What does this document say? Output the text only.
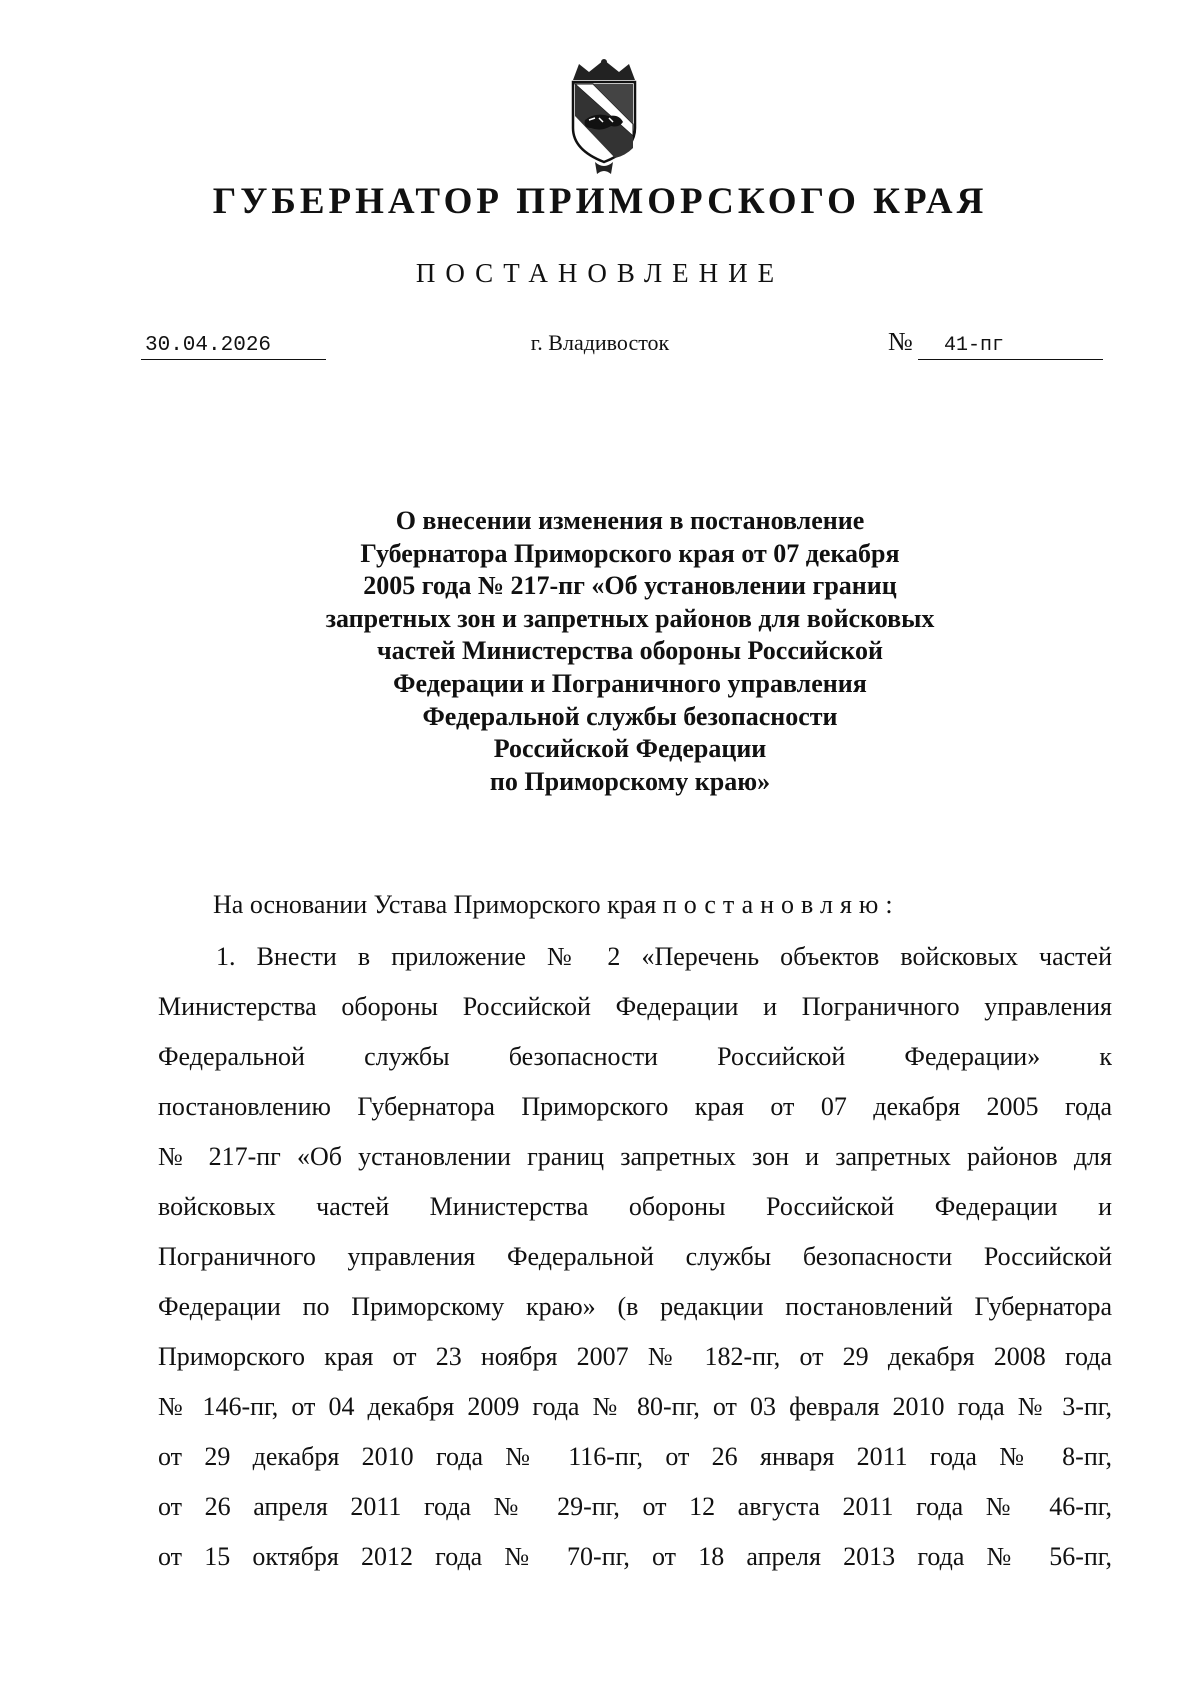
ГУБЕРНАТОР ПРИМОРСКОГО КРАЯ
ПОСТАНОВЛЕНИЕ
30.04.2026	г. Владивосток	№ 41-пг
О внесении изменения в постановление
Губернатора Приморского края от 07 декабря
2005 года № 217-пг «Об установлении границ
запретных зон и запретных районов для войсковых
частей Министерства обороны Российской
Федерации и Пограничного управления
Федеральной службы безопасности
Российской Федерации
по Приморскому краю»
На основании Устава Приморского края постановляю:
1. Внести в приложение № 2 «Перечень объектов войсковых частей
Министерства обороны Российской Федерации и Пограничного управления
Федеральной службы безопасности Российской Федерации» к
постановлению Губернатора Приморского края от 07 декабря 2005 года
№ 217-пг «Об установлении границ запретных зон и запретных районов для
войсковых частей Министерства обороны Российской Федерации и
Пограничного управления Федеральной службы безопасности Российской
Федерации по Приморскому краю» (в редакции постановлений Губернатора
Приморского края от 23 ноября 2007 № 182-пг, от 29 декабря 2008 года
№ 146-пг, от 04 декабря 2009 года № 80-пг, от 03 февраля 2010 года № 3-пг,
от 29 декабря 2010 года № 116-пг, от 26 января 2011 года № 8-пг,
от 26 апреля 2011 года № 29-пг, от 12 августа 2011 года № 46-пг,
от 15 октября 2012 года № 70-пг, от 18 апреля 2013 года № 56-пг,
